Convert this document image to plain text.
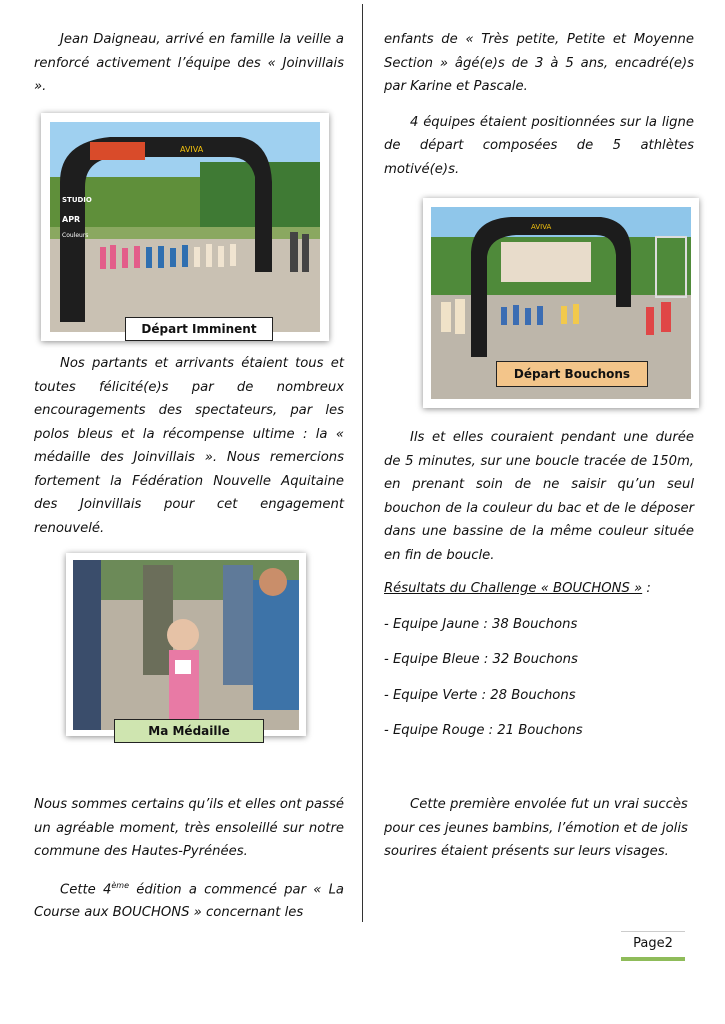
Jean Daigneau, arrivé en famille la veille a renforcé activement l’équipe des « Joinvillais ».

AVIVA
STUDIO
APR
Couleurs
Départ Imminent

Nos partants et arrivants étaient tous et toutes félicité(e)s par de nombreux encouragements des spectateurs, par les polos bleus et la récompense ultime : la « médaille des Joinvillais ». Nous remercions fortement la Fédération Nouvelle Aquitaine des Joinvillais pour cet engagement renouvelé.

Ma Médaille

Nous sommes certains qu’ils et elles ont passé un agréable moment, très ensoleillé sur notre commune des Hautes-Pyrénées.

Cette 4ème édition a commencé par « La Course aux BOUCHONS » concernant les

enfants de « Très petite, Petite et Moyenne Section » âgé(e)s de 3 à 5 ans, encadré(e)s par Karine et Pascale.

4 équipes étaient positionnées sur la ligne de départ composées de 5 athlètes motivé(e)s.

AVIVA
Départ Bouchons

Ils et elles couraient pendant une durée de 5 minutes, sur une boucle tracée de 150m, en prenant soin de ne saisir qu’un seul bouchon de la couleur du bac et de le déposer dans une bassine de la même couleur située en fin de boucle.

Résultats du Challenge « BOUCHONS » :

- Equipe Jaune : 38 Bouchons

- Equipe Bleue : 32 Bouchons

- Equipe Verte : 28 Bouchons

- Equipe Rouge : 21 Bouchons

Cette première envolée fut un vrai succès pour ces jeunes bambins, l’émotion et de jolis sourires étaient présents sur leurs visages.

Page2
